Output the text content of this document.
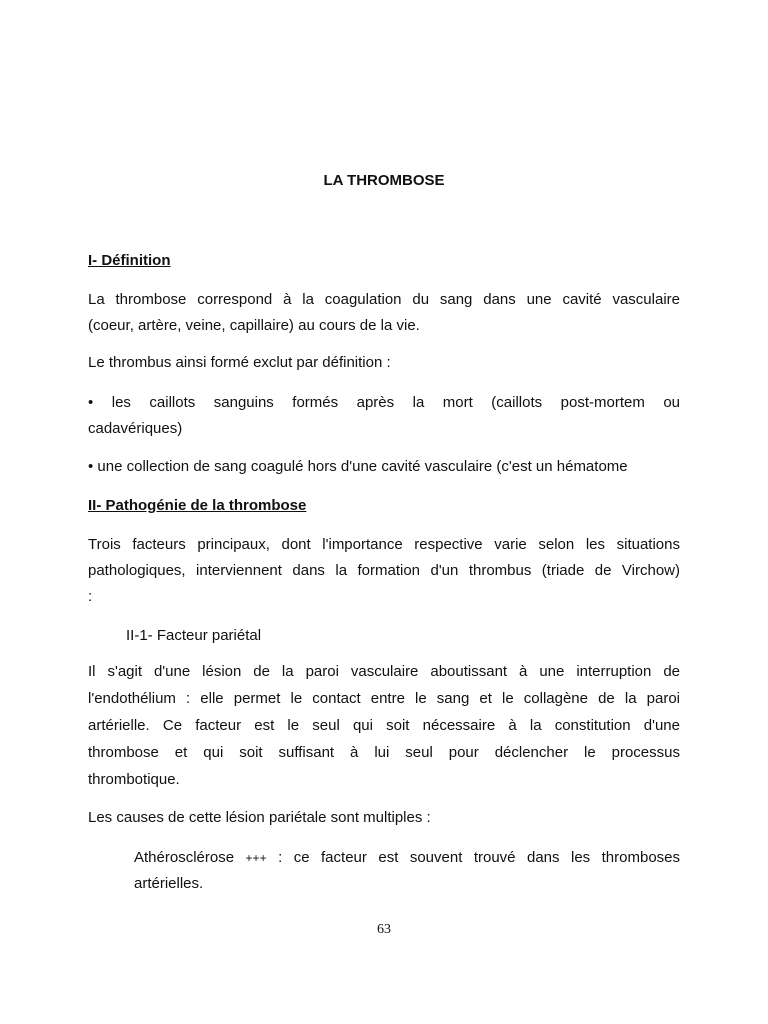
LA THROMBOSE
I- Définition
La thrombose correspond à la coagulation du sang dans une cavité vasculaire
(coeur, artère, veine, capillaire) au cours de la vie.
Le thrombus ainsi formé exclut par définition :
• les caillots sanguins formés après la mort (caillots post-mortem ou
cadavériques)
• une collection de sang coagulé hors d'une cavité vasculaire (c'est un hématome
II- Pathogénie de la thrombose
Trois facteurs principaux, dont l'importance respective varie selon les situations
pathologiques, interviennent dans la formation d'un thrombus (triade de Virchow)
:
II-1- Facteur pariétal
Il s'agit d'une lésion de la paroi vasculaire aboutissant à une interruption de
l'endothélium : elle permet le contact entre le sang et le collagène de la paroi
artérielle. Ce facteur est le seul qui soit nécessaire à la constitution d'une
thrombose et qui soit suffisant à lui seul pour déclencher le processus
thrombotique.
Les causes de cette lésion pariétale sont multiples :
Athérosclérose +++ : ce facteur est souvent trouvé dans les thromboses
artérielles.
63
